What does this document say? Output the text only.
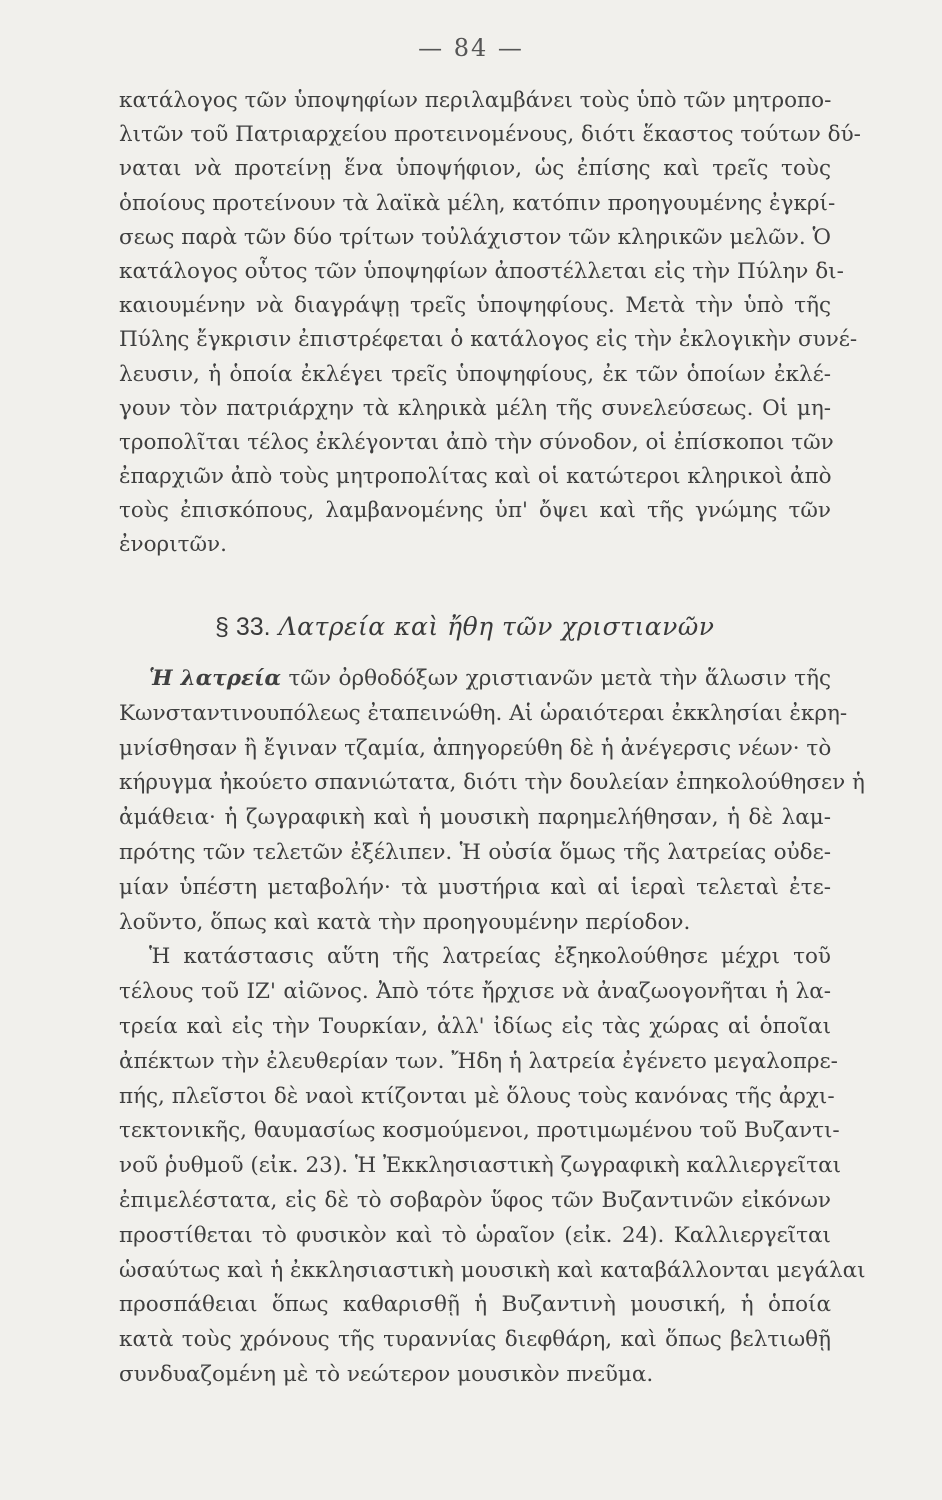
— 84 —
κατάλογος τῶν ὑποψηφίων περιλαμβάνει τοὺς ὑπὸ τῶν μητροπο-
λιτῶν τοῦ Πατριαρχείου προτεινομένους, διότι ἕκαστος τούτων δύ-
ναται νὰ προτείνῃ ἕνα ὑποψήφιον, ὡς ἐπίσης καὶ τρεῖς τοὺς
ὁποίους προτείνουν τὰ λαϊκὰ μέλη, κατόπιν προηγουμένης ἐγκρί-
σεως παρὰ τῶν δύο τρίτων τοὐλάχιστον τῶν κληρικῶν μελῶν. Ὁ
κατάλογος οὗτος τῶν ὑποψηφίων ἀποστέλλεται εἰς τὴν Πύλην δι-
καιουμένην νὰ διαγράψῃ τρεῖς ὑποψηφίους. Μετὰ τὴν ὑπὸ τῆς
Πύλης ἔγκρισιν ἐπιστρέφεται ὁ κατάλογος εἰς τὴν ἐκλογικὴν συνέ-
λευσιν, ἡ ὁποία ἐκλέγει τρεῖς ὑποψηφίους, ἐκ τῶν ὁποίων ἐκλέ-
γουν τὸν πατριάρχην τὰ κληρικὰ μέλη τῆς συνελεύσεως. Οἱ μη-
τροπολῖται τέλος ἐκλέγονται ἀπὸ τὴν σύνοδον, οἱ ἐπίσκοποι τῶν
ἐπαρχιῶν ἀπὸ τοὺς μητροπολίτας καὶ οἱ κατώτεροι κληρικοὶ ἀπὸ
τοὺς ἐπισκόπους, λαμβανομένης ὑπ' ὄψει καὶ τῆς γνώμης τῶν
ἐνοριτῶν.
§ 33. Λατρεία καὶ ἤθη τῶν χριστιανῶν
Ἡ λατρεία τῶν ὀρθοδόξων χριστιανῶν μετὰ τὴν ἅλωσιν τῆς
Κωνσταντινουπόλεως ἐταπεινώθη. Αἱ ὡραιότεραι ἐκκλησίαι ἐκρη-
μνίσθησαν ἢ ἔγιναν τζαμία, ἀπηγορεύθη δὲ ἡ ἀνέγερσις νέων· τὸ
κήρυγμα ἠκούετο σπανιώτατα, διότι τὴν δουλείαν ἐπηκολούθησεν ἡ
ἀμάθεια· ἡ ζωγραφικὴ καὶ ἡ μουσικὴ παρημελήθησαν, ἡ δὲ λαμ-
πρότης τῶν τελετῶν ἐξέλιπεν. Ἡ οὐσία ὅμως τῆς λατρείας οὐδε-
μίαν ὑπέστη μεταβολήν· τὰ μυστήρια καὶ αἱ ἱεραὶ τελεταὶ ἐτε-
λοῦντο, ὅπως καὶ κατὰ τὴν προηγουμένην περίοδον.
Ἡ κατάστασις αὕτη τῆς λατρείας ἐξηκολούθησε μέχρι τοῦ
τέλους τοῦ ΙΖ' αἰῶνος. Ἀπὸ τότε ἤρχισε νὰ ἀναζωογονῆται ἡ λα-
τρεία καὶ εἰς τὴν Τουρκίαν, ἀλλ' ἰδίως εἰς τὰς χώρας αἱ ὁποῖαι
ἀπέκτων τὴν ἐλευθερίαν των. Ἤδη ἡ λατρεία ἐγένετο μεγαλοπρε-
πής, πλεῖστοι δὲ ναοὶ κτίζονται μὲ ὅλους τοὺς κανόνας τῆς ἀρχι-
τεκτονικῆς, θαυμασίως κοσμούμενοι, προτιμωμένου τοῦ Βυζαντι-
νοῦ ῥυθμοῦ (εἰκ. 23). Ἡ Ἐκκλησιαστικὴ ζωγραφικὴ καλλιεργεῖται
ἐπιμελέστατα, εἰς δὲ τὸ σοβαρὸν ὕφος τῶν Βυζαντινῶν εἰκόνων
προστίθεται τὸ φυσικὸν καὶ τὸ ὡραῖον (εἰκ. 24). Καλλιεργεῖται
ὡσαύτως καὶ ἡ ἐκκλησιαστικὴ μουσικὴ καὶ καταβάλλονται μεγάλαι
προσπάθειαι ὅπως καθαρισθῇ ἡ Βυζαντινὴ μουσική, ἡ ὁποία
κατὰ τοὺς χρόνους τῆς τυραννίας διεφθάρη, καὶ ὅπως βελτιωθῇ
συνδυαζομένη μὲ τὸ νεώτερον μουσικὸν πνεῦμα.
